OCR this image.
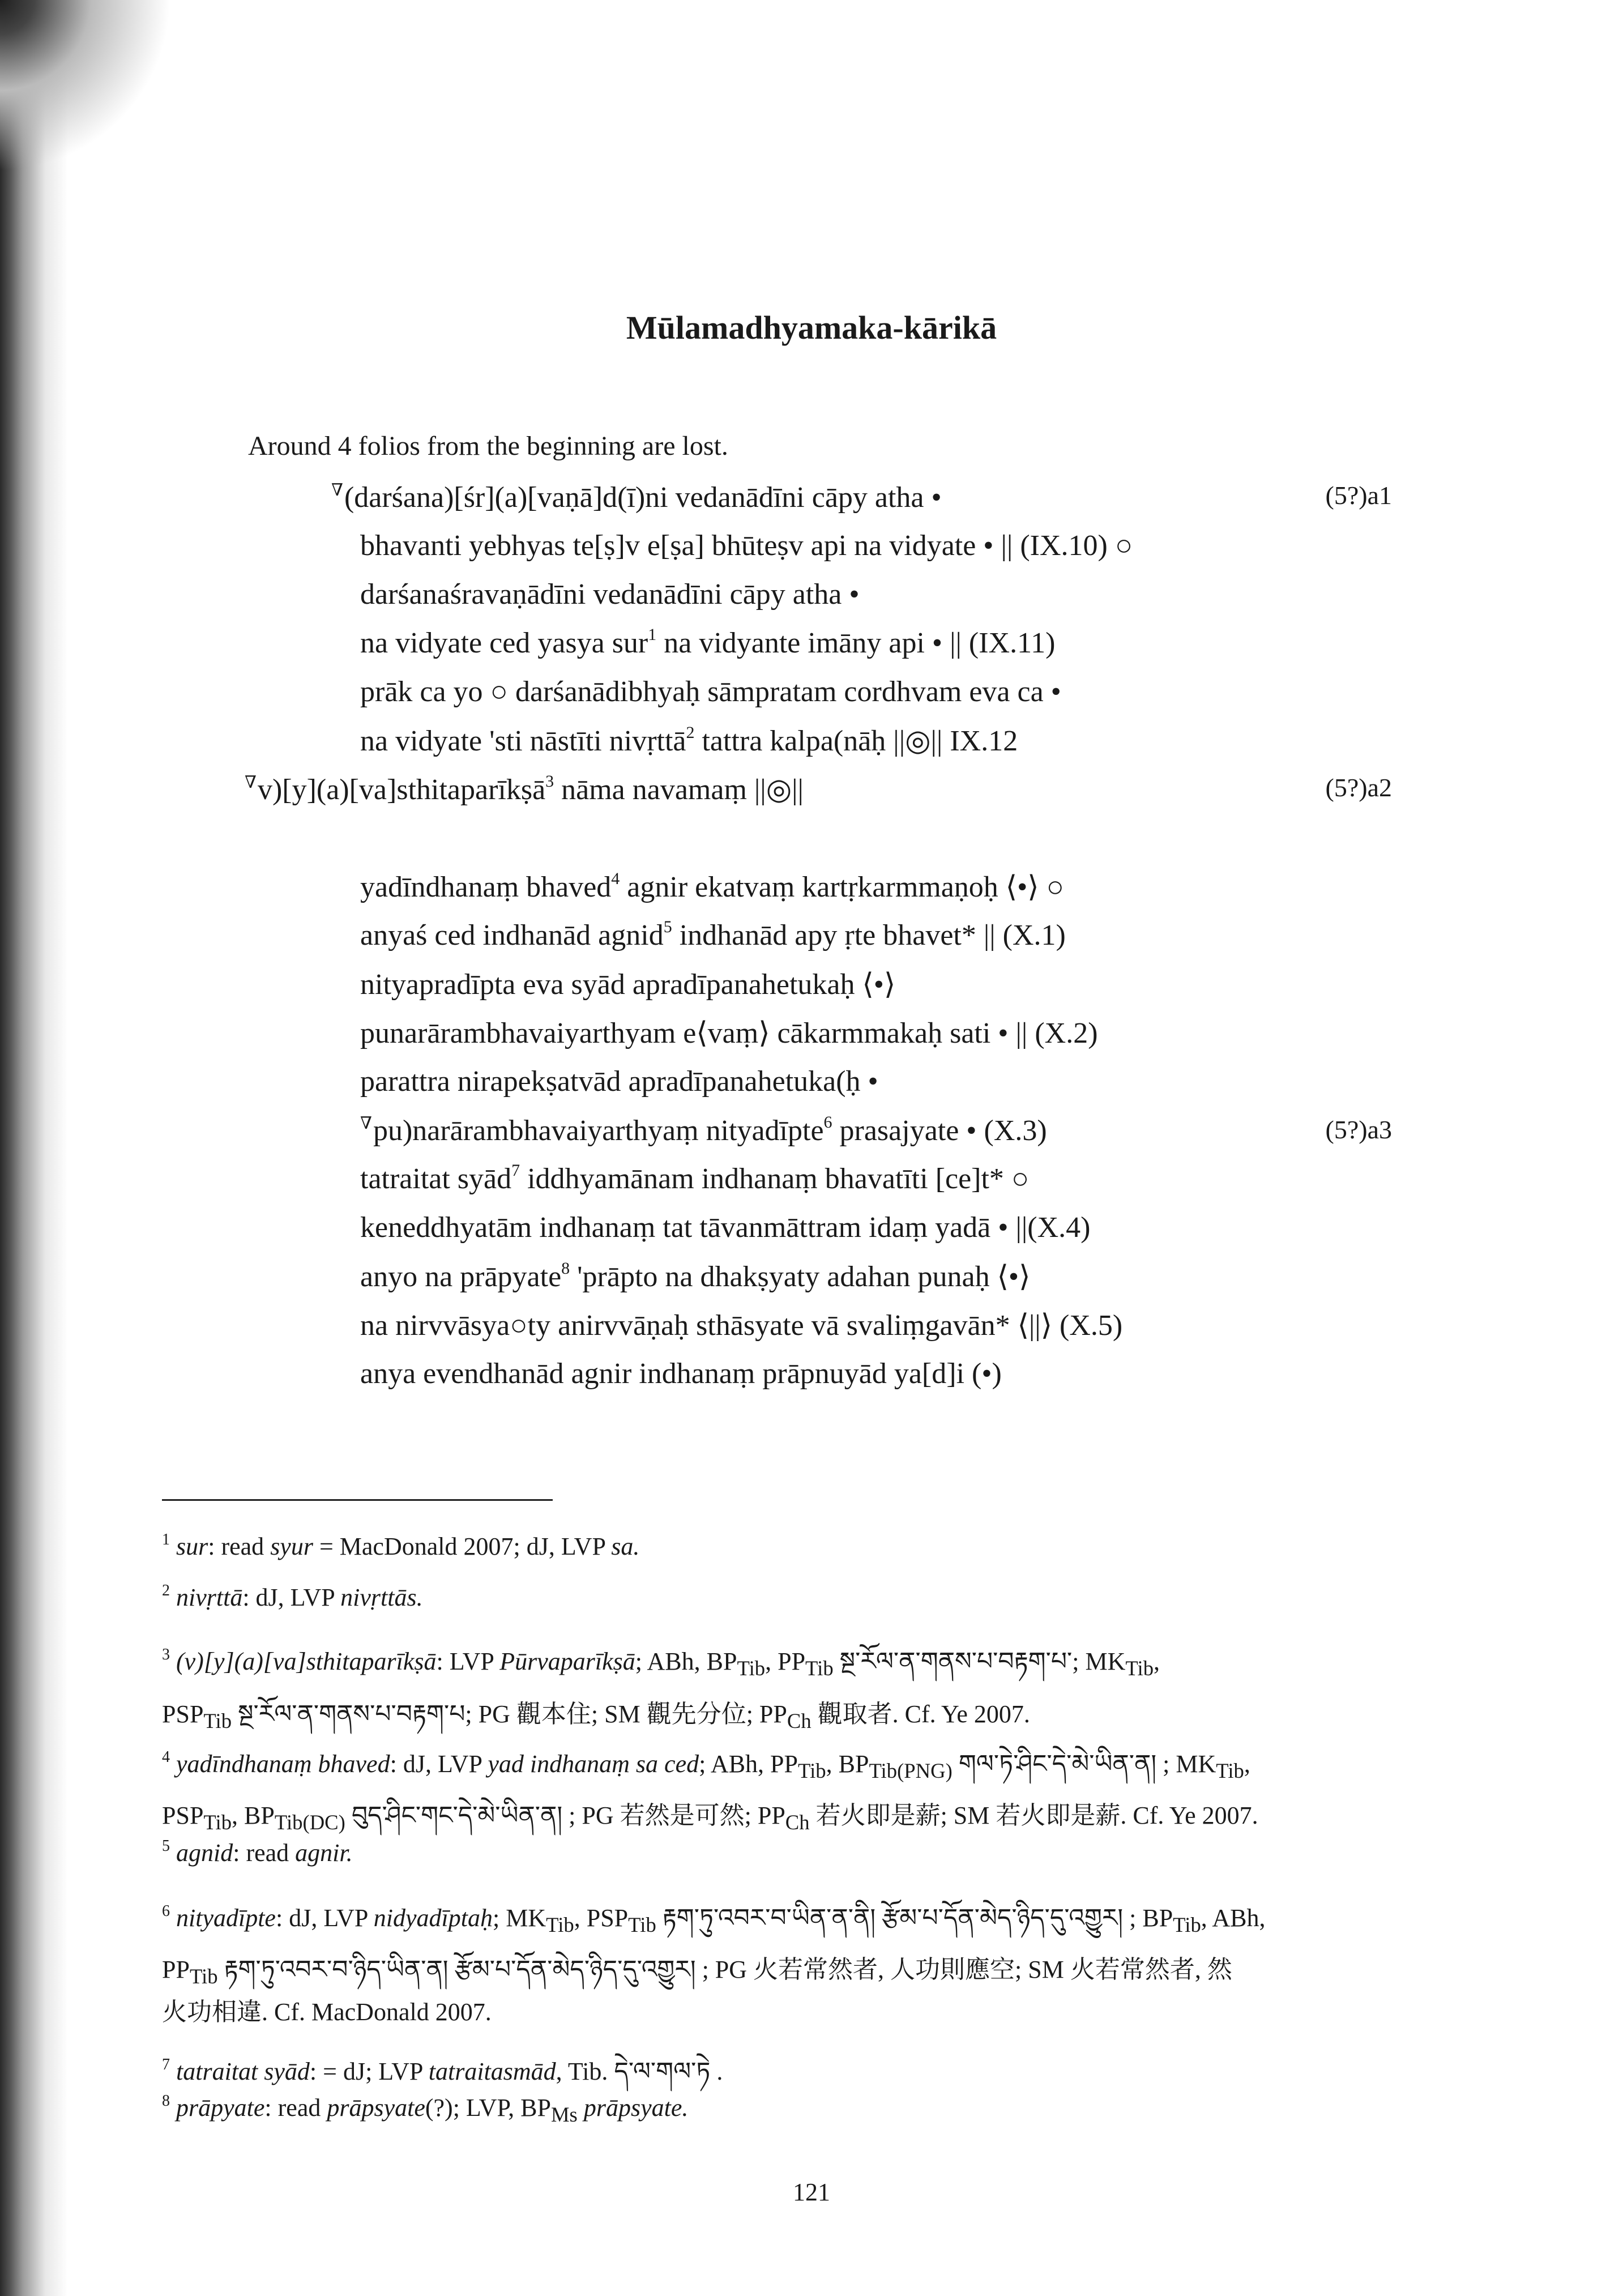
Mūlamadhyamaka-kārikā
Around 4 folios from the beginning are lost.
∇(darśana)[śr](a)[vaṇā]d(ī)ni vedanādīni cāpy atha •
bhavanti yebhyas te[ṣ]v e[ṣa] bhūteṣv api na vidyate • || (IX.10) ○
darśanaśravaṇādīni vedanādīni cāpy atha •
na vidyate ced yasya sur$^1$ na vidyante imāny api • || (IX.11)
prāk ca yo ○ darśanādibhyaḥ sāmpratam cordhvam eva ca •
na vidyate 'sti nāstīti nivṛttā$^2$ tattra kalpa(nāḥ ||◎|| IX.12
∇v)[y](a)[va]sthitaparīkṣā$^3$ nāma navamaṃ ||◎||
yadīndhanaṃ bhaved$^4$ agnir ekatvaṃ kartṛkarmmaṇoḥ ⟨•⟩ ○
anyaś ced indhanād agnid$^5$ indhanād apy ṛte bhavet* || (X.1)
nityapradīpta eva syād apradīpanahetukaḥ ⟨•⟩
punarārambhavaiyarthyam e⟨vaṃ⟩ cākarmmakaḥ sati • || (X.2)
parattra nirapekṣatvād apradīpanahetuka(ḥ •
∇pu)narārambhavaiyarthyaṃ nityadīpte$^6$ prasajyate • (X.3)
tatraitat syād$^7$ iddhyamānam indhanaṃ bhavatīti [ce]t* ○
keneddhyatām indhanaṃ tat tāvanmāttram idaṃ yadā • ||(X.4)
anyo na prāpyate$^8$ 'prāpto na dhakṣyaty adahan punaḥ ⟨•⟩
na nirvvāsya○ty anirvvāṇaḥ sthāsyate vā svaliṃgavān* ⟨||⟩ (X.5)
anya evendhanād agnir indhanaṃ prāpnuyād ya[d]i (•)
(5?)a1
(5?)a2
(5?)a3
$^1$ sur: read syur = MacDonald 2007; dJ, LVP sa.
$^2$ nivṛttā: dJ, LVP nivṛttās.
$^3$ (v)[y](a)[va]sthitaparīkṣā: LVP Pūrvaparīkṣā; ABh, $BP_{Tib}$, $PP_{Tib}$ སྔ་རོལ་ན་གནས་པ་བརྟག་པ་; $MK_{Tib}$,
$PSP_{Tib}$ སྔ་རོལ་ན་གནས་པ་བརྟག་པ; PG 觀本住; SM 觀先分位; $PP_{Ch}$ 觀取者. Cf. Ye 2007.
$^4$ yadīndhanaṃ bhaved: dJ, LVP yad indhanaṃ sa ced; ABh, $PP_{Tib}$, $BP_{Tib(PNG)}$ གལ་ཏེ་ཤིང་དེ་མེ་ཡིན་ན། ; $MK_{Tib}$,
$PSP_{Tib}$, $BP_{Tib(DC)}$ བུད་ཤིང་གང་དེ་མེ་ཡིན་ན། ; PG 若然是可然; $PP_{Ch}$ 若火即是薪; SM 若火即是薪. Cf. Ye 2007.
$^5$ agnid: read agnir.
$^6$ nityadīpte: dJ, LVP nidyadīptaḥ; $MK_{Tib}$, $PSP_{Tib}$ རྟག་ཏུ་འབར་བ་ཡིན་ན་ནི། རྩོམ་པ་དོན་མེད་ཉིད་དུ་འགྱུར། ; $BP_{Tib}$, ABh,
$PP_{Tib}$ རྟག་ཏུ་འབར་བ་ཉིད་ཡིན་ན། རྩོམ་པ་དོན་མེད་ཉིད་དུ་འགྱུར། ; PG 火若常然者, 人功則應空; SM 火若常然者, 然
火功相違. Cf. MacDonald 2007.
$^7$ tatraitat syād: = dJ; LVP tatraitasmād, Tib. དེ་ལ་གལ་ཏེ .
$^8$ prāpyate: read prāpsyate(?); LVP, $BP_{Ms}$ prāpsyate.
121
